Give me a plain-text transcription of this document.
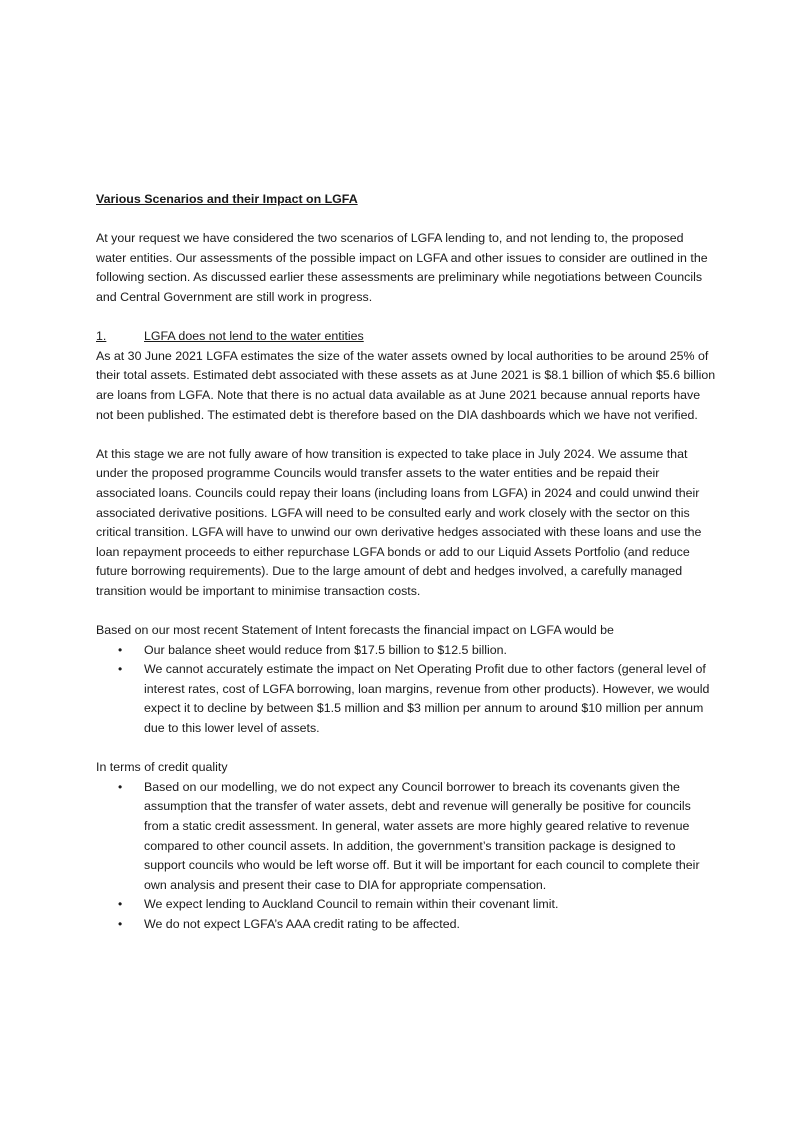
Various Scenarios and their Impact on LGFA

At your request we have considered the two scenarios of LGFA lending to, and not lending to, the proposed water entities. Our assessments of the possible impact on LGFA and other issues to consider are outlined in the following section. As discussed earlier these assessments are preliminary while negotiations between Councils and Central Government are still work in progress.

1.	LGFA does not lend to the water entities

As at 30 June 2021 LGFA estimates the size of the water assets owned by local authorities to be around 25% of their total assets. Estimated debt associated with these assets as at June 2021 is $8.1 billion of which $5.6 billion are loans from LGFA. Note that there is no actual data available as at June 2021 because annual reports have not been published. The estimated debt is therefore based on the DIA dashboards which we have not verified.

At this stage we are not fully aware of how transition is expected to take place in July 2024. We assume that under the proposed programme Councils would transfer assets to the water entities and be repaid their associated loans. Councils could repay their loans (including loans from LGFA) in 2024 and could unwind their associated derivative positions. LGFA will need to be consulted early and work closely with the sector on this critical transition. LGFA will have to unwind our own derivative hedges associated with these loans and use the loan repayment proceeds to either repurchase LGFA bonds or add to our Liquid Assets Portfolio (and reduce future borrowing requirements). Due to the large amount of debt and hedges involved, a carefully managed transition would be important to minimise transaction costs.

Based on our most recent Statement of Intent forecasts the financial impact on LGFA would be

• Our balance sheet would reduce from $17.5 billion to $12.5 billion.
• We cannot accurately estimate the impact on Net Operating Profit due to other factors (general level of interest rates, cost of LGFA borrowing, loan margins, revenue from other products). However, we would expect it to decline by between $1.5 million and $3 million per annum to around $10 million per annum due to this lower level of assets.

In terms of credit quality

• Based on our modelling, we do not expect any Council borrower to breach its covenants given the assumption that the transfer of water assets, debt and revenue will generally be positive for councils from a static credit assessment. In general, water assets are more highly geared relative to revenue compared to other council assets. In addition, the government’s transition package is designed to support councils who would be left worse off. But it will be important for each council to complete their own analysis and present their case to DIA for appropriate compensation.
• We expect lending to Auckland Council to remain within their covenant limit.
• We do not expect LGFA’s AAA credit rating to be affected.
